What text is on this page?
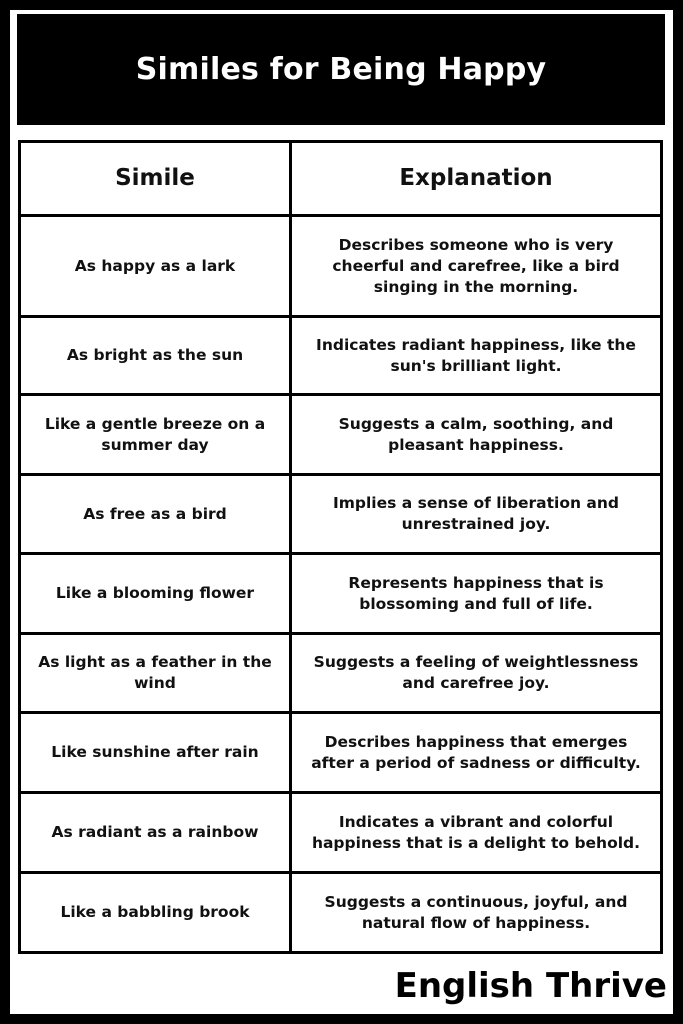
Similes for Being Happy
Simile	Explanation
As happy as a lark
Describes someone who is very cheerful and carefree, like a bird singing in the morning.
As bright as the sun
Indicates radiant happiness, like the sun's brilliant light.
Like a gentle breeze on a summer day
Suggests a calm, soothing, and pleasant happiness.
As free as a bird
Implies a sense of liberation and unrestrained joy.
Like a blooming flower
Represents happiness that is blossoming and full of life.
As light as a feather in the wind
Suggests a feeling of weightlessness and carefree joy.
Like sunshine after rain
Describes happiness that emerges after a period of sadness or difficulty.
As radiant as a rainbow
Indicates a vibrant and colorful happiness that is a delight to behold.
Like a babbling brook
Suggests a continuous, joyful, and natural flow of happiness.
English Thrive
